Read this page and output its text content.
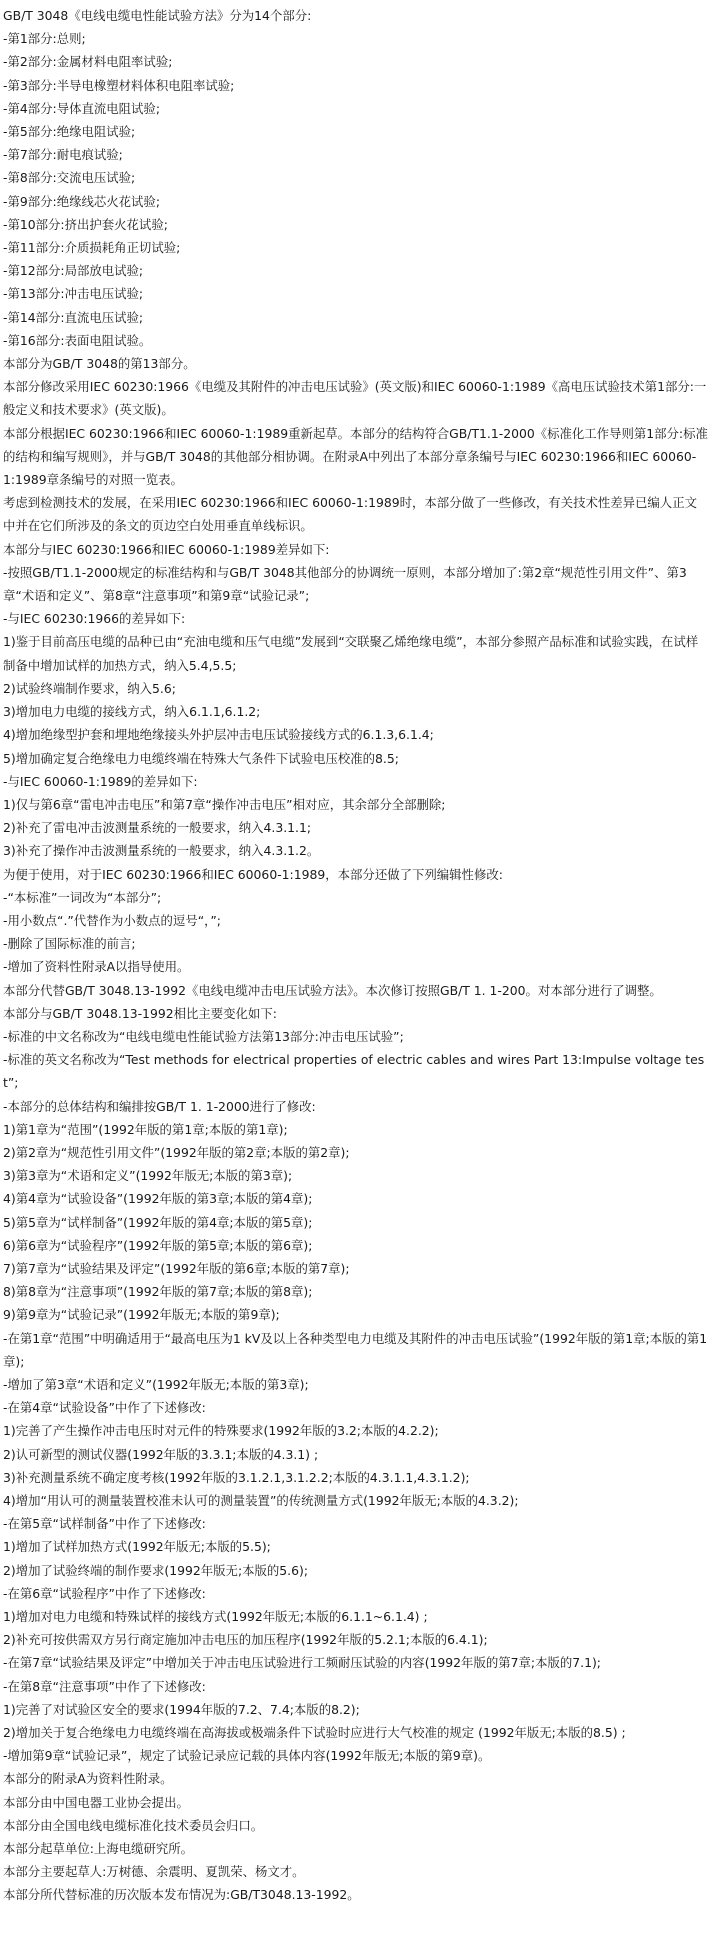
GB/T 3048《电线电缆电性能试验方法》分为14个部分:

-第1部分:总则;

-第2部分:金属材料电阻率试验;

-第3部分:半导电橡塑材料体积电阻率试验;

-第4部分:导体直流电阻试验;

-第5部分:绝缘电阻试验;

-第7部分:耐电痕试验;

-第8部分:交流电压试验;

-第9部分:绝缘线芯火花试验;

-第10部分:挤出护套火花试验;

-第11部分:介质损耗角正切试验;

-第12部分:局部放电试验;

-第13部分:冲击电压试验;

-第14部分:直流电压试验;

-第16部分:表面电阻试验。

本部分为GB/T 3048的第13部分。

本部分修改采用IEC 60230:1966《电缆及其附件的冲击电压试验》(英文版)和IEC 60060-1:1989《高电压试验技术第1部分:一般定义和技术要求》(英文版)。

本部分根据IEC 60230:1966和IEC 60060-1:1989重新起草。本部分的结构符合GB/T1.1-2000《标准化工作导则第1部分:标准的结构和编写规则》，并与GB/T 3048的其他部分相协调。在附录A中列出了本部分章条编号与IEC 60230:1966和IEC 60060-1:1989章条编号的对照一览表。

考虑到检测技术的发展，在采用IEC 60230:1966和IEC 60060-1:1989时，本部分做了一些修改，有关技术性差异已编人正文中并在它们所涉及的条文的页边空白处用垂直单线标识。

本部分与IEC 60230:1966和IEC 60060-1:1989差异如下:

-按照GB/T1.1-2000规定的标准结构和与GB/T 3048其他部分的协调统一原则，本部分增加了:第2章“规范性引用文件”、第3章“术语和定义”、第8章“注意事项”和第9章“试验记录”;

-与IEC 60230:1966的差异如下:

1)鉴于目前高压电缆的品种已由“充油电缆和压气电缆”发展到“交联聚乙烯绝缘电缆”，本部分参照产品标准和试验实践，在试样制备中增加试样的加热方式，纳入5.4,5.5;

2)试验终端制作要求，纳入5.6;

3)增加电力电缆的接线方式，纳入6.1.1,6.1.2;

4)增加绝缘型护套和埋地绝缘接头外护层冲击电压试验接线方式的6.1.3,6.1.4;

5)增加确定复合绝缘电力电缆终端在特殊大气条件下试验电压校准的8.5;

-与IEC 60060-1:1989的差异如下:

1)仅与第6章“雷电冲击电压”和第7章“操作冲击电压”相对应，其余部分全部删除;

2)补充了雷电冲击波测量系统的一般要求，纳入4.3.1.1;

3)补充了操作冲击波测量系统的一般要求，纳入4.3.1.2。

为便于使用，对于IEC 60230:1966和IEC 60060-1:1989，本部分还做了下列编辑性修改:

-“本标准”一词改为“本部分”;

-用小数点“.”代替作为小数点的逗号“，”;

-删除了国际标准的前言;

-增加了资料性附录A以指导使用。

本部分代替GB/T 3048.13-1992《电线电缆冲击电压试验方法》。本次修订按照GB/T 1. 1-200。对本部分进行了调整。

本部分与GB/T 3048.13-1992相比主要变化如下:

-标准的中文名称改为“电线电缆电性能试验方法第13部分:冲击电压试验”;

-标准的英文名称改为“Test methods for electrical properties of electric cables and wires Part 13:Impulse voltage test”;

-本部分的总体结构和编排按GB/T 1. 1-2000进行了修改:

1)第1章为“范围”(1992年版的第1章;本版的第1章);

2)第2章为“规范性引用文件”(1992年版的第2章;本版的第2章);

3)第3章为“术语和定义”(1992年版无;本版的第3章);

4)第4章为“试验设备”(1992年版的第3章;本版的第4章);

5)第5章为“试样制备”(1992年版的第4章;本版的第5章);

6)第6章为“试验程序”(1992年版的第5章;本版的第6章);

7)第7章为“试验结果及评定”(1992年版的第6章;本版的第7章);

8)第8章为“注意事项”(1992年版的第7章;本版的第8章);

9)第9章为“试验记录”(1992年版无;本版的第9章);

-在第1章“范围”中明确适用于“最高电压为1 kV及以上各种类型电力电缆及其附件的冲击电压试验”(1992年版的第1章;本版的第1章);

-增加了第3章“术语和定义”(1992年版无;本版的第3章);

-在第4章“试验设备”中作了下述修改:

1)完善了产生操作冲击电压时对元件的特殊要求(1992年版的3.2;本版的4.2.2);

2)认可新型的测试仪器(1992年版的3.3.1;本版的4.3.1) ;

3)补充测量系统不确定度考核(1992年版的3.1.2.1,3.1.2.2;本版的4.3.1.1,4.3.1.2);

4)增加“用认可的测量装置校准未认可的测量装置”的传统测量方式(1992年版无;本版的4.3.2);

-在第5章“试样制备”中作了下述修改:

1)增加了试样加热方式(1992年版无;本版的5.5);

2)增加了试验终端的制作要求(1992年版无;本版的5.6);

-在第6章“试验程序”中作了下述修改:

1)增加对电力电缆和特殊试样的接线方式(1992年版无;本版的6.1.1~6.1.4) ;

2)补充可按供需双方另行商定施加冲击电压的加压程序(1992年版的5.2.1;本版的6.4.1);

-在第7章“试验结果及评定”中增加关于冲击电压试验进行工频耐压试验的内容(1992年版的第7章;本版的7.1);

-在第8章“注意事项”中作了下述修改:

1)完善了对试验区安全的要求(1994年版的7.2、7.4;本版的8.2);

2)增加关于复合绝缘电力电缆终端在高海拔或极端条件下试验时应进行大气校准的规定 (1992年版无;本版的8.5) ;

-增加第9章“试验记录”，规定了试验记录应记载的具体内容(1992年版无;本版的第9章)。

本部分的附录A为资料性附录。

本部分由中国电器工业协会提出。

本部分由全国电线电缆标准化技术委员会归口。

本部分起草单位:上海电缆研究所。

本部分主要起草人:万树德、余震明、夏凯荣、杨文才。

本部分所代替标准的历次版本发布情况为:GB/T3048.13-1992。
